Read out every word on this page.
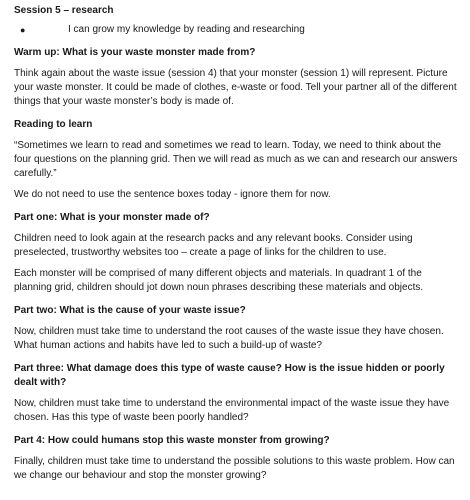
Session 5 – research

●	I can grow my knowledge by reading and researching

Warm up: What is your waste monster made from?

Think again about the waste issue (session 4) that your monster (session 1) will represent. Picture your waste monster. It could be made of clothes, e-waste or food. Tell your partner all of the different things that your waste monster’s body is made of.

Reading to learn

“Sometimes we learn to read and sometimes we read to learn. Today, we need to think about the four questions on the planning grid. Then we will read as much as we can and research our answers carefully.”

We do not need to use the sentence boxes today - ignore them for now.

Part one: What is your monster made of?

Children need to look again at the research packs and any relevant books. Consider using preselected, trustworthy websites too – create a page of links for the children to use.

Each monster will be comprised of many different objects and materials. In quadrant 1 of the planning grid, children should jot down noun phrases describing these materials and objects.

Part two: What is the cause of your waste issue?

Now, children must take time to understand the root causes of the waste issue they have chosen. What human actions and habits have led to such a build-up of waste?

Part three: What damage does this type of waste cause? How is the issue hidden or poorly dealt with?

Now, children must take time to understand the environmental impact of the waste issue they have chosen. Has this type of waste been poorly handled?

Part 4: How could humans stop this waste monster from growing?

Finally, children must take time to understand the possible solutions to this waste problem. How can we change our behaviour and stop the monster growing?
